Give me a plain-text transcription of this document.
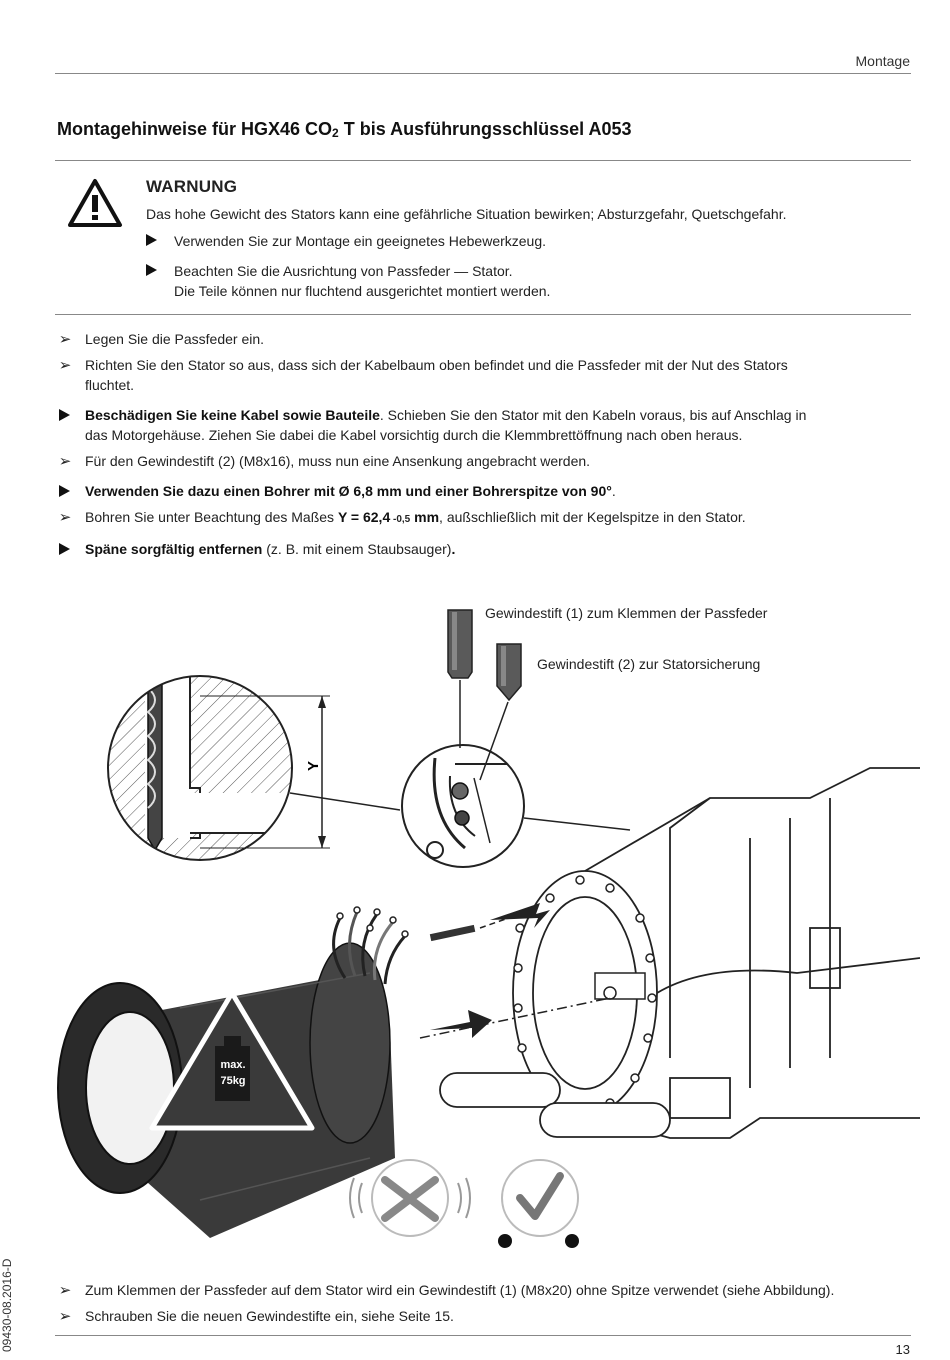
Montage
Montagehinweise für HGX46 $CO_2$ T bis Ausführungsschlüssel A053
WARNUNG
Das hohe Gewicht des Stators kann eine gefährliche Situation bewirken; Absturzgefahr, Quetschgefahr.
Verwenden Sie zur Montage ein geeignetes Hebewerkzeug.
Beachten Sie die Ausrichtung von Passfeder — Stator.
Die Teile können nur fluchtend ausgerichtet montiert werden.
➢ Legen Sie die Passfeder ein.
➢ Richten Sie den Stator so aus, dass sich der Kabelbaum oben befindet und die Passfeder mit der Nut des Stators
fluchtet.
Beschädigen Sie keine Kabel sowie Bauteile. Schieben Sie den Stator mit den Kabeln voraus, bis auf Anschlag in
das Motorgehäuse. Ziehen Sie dabei die Kabel vorsichtig durch die Klemmbrettöffnung nach oben heraus.
➢ Für den Gewindestift (2) (M8x16), muss nun eine Ansenkung angebracht werden.
Verwenden Sie dazu einen Bohrer mit Ø 6,8 mm und einer Bohrerspitze von 90°.
➢ Bohren Sie unter Beachtung des Maßes Y = 62,4 -0,5 mm, außschließlich mit der Kegelspitze in den Stator.
Späne sorgfältig entfernen (z. B. mit einem Staubsauger).
Y
max.
75kg
Gewindestift (1) zum Klemmen der Passfeder
Gewindestift (2) zur Statorsicherung
➢ Zum Klemmen der Passfeder auf dem Stator wird ein Gewindestift (1) (M8x20) ohne Spitze verwendet (siehe Abbildung).
➢ Schrauben Sie die neuen Gewindestifte ein, siehe Seite 15.
09430-08.2016-D	13
